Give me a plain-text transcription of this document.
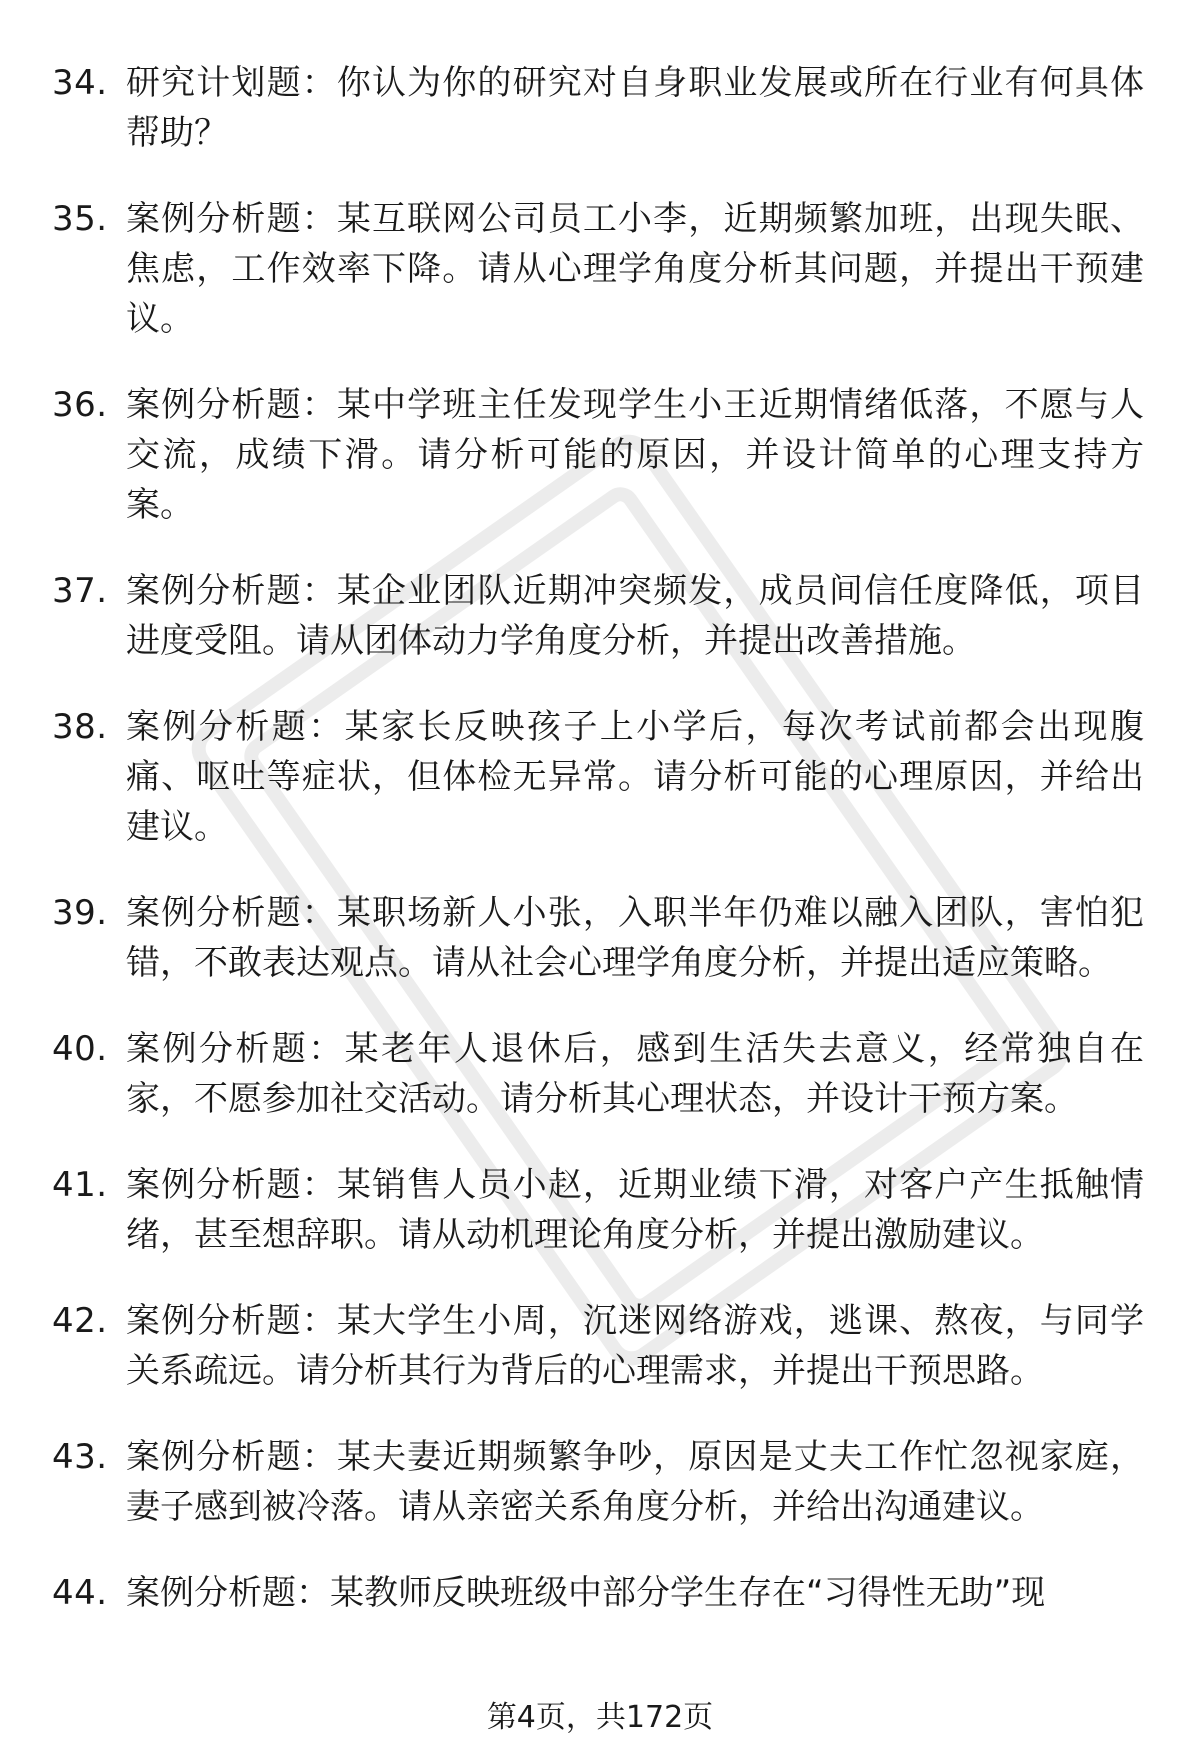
34. 研究计划题：你认为你的研究对自身职业发展或所在行业有何具体帮助？
35. 案例分析题：某互联网公司员工小李，近期频繁加班，出现失眠、焦虑，工作效率下降。请从心理学角度分析其问题，并提出干预建议。
36. 案例分析题：某中学班主任发现学生小王近期情绪低落，不愿与人交流，成绩下滑。请分析可能的原因，并设计简单的心理支持方案。
37. 案例分析题：某企业团队近期冲突频发，成员间信任度降低，项目进度受阻。请从团体动力学角度分析，并提出改善措施。
38. 案例分析题：某家长反映孩子上小学后，每次考试前都会出现腹痛、呕吐等症状，但体检无异常。请分析可能的心理原因，并给出建议。
39. 案例分析题：某职场新人小张，入职半年仍难以融入团队，害怕犯错，不敢表达观点。请从社会心理学角度分析，并提出适应策略。
40. 案例分析题：某老年人退休后，感到生活失去意义，经常独自在家，不愿参加社交活动。请分析其心理状态，并设计干预方案。
41. 案例分析题：某销售人员小赵，近期业绩下滑，对客户产生抵触情绪，甚至想辞职。请从动机理论角度分析，并提出激励建议。
42. 案例分析题：某大学生小周，沉迷网络游戏，逃课、熬夜，与同学关系疏远。请分析其行为背后的心理需求，并提出干预思路。
43. 案例分析题：某夫妻近期频繁争吵，原因是丈夫工作忙忽视家庭，妻子感到被冷落。请从亲密关系角度分析，并给出沟通建议。
44. 案例分析题：某教师反映班级中部分学生存在“习得性无助”现
第4页，共172页
